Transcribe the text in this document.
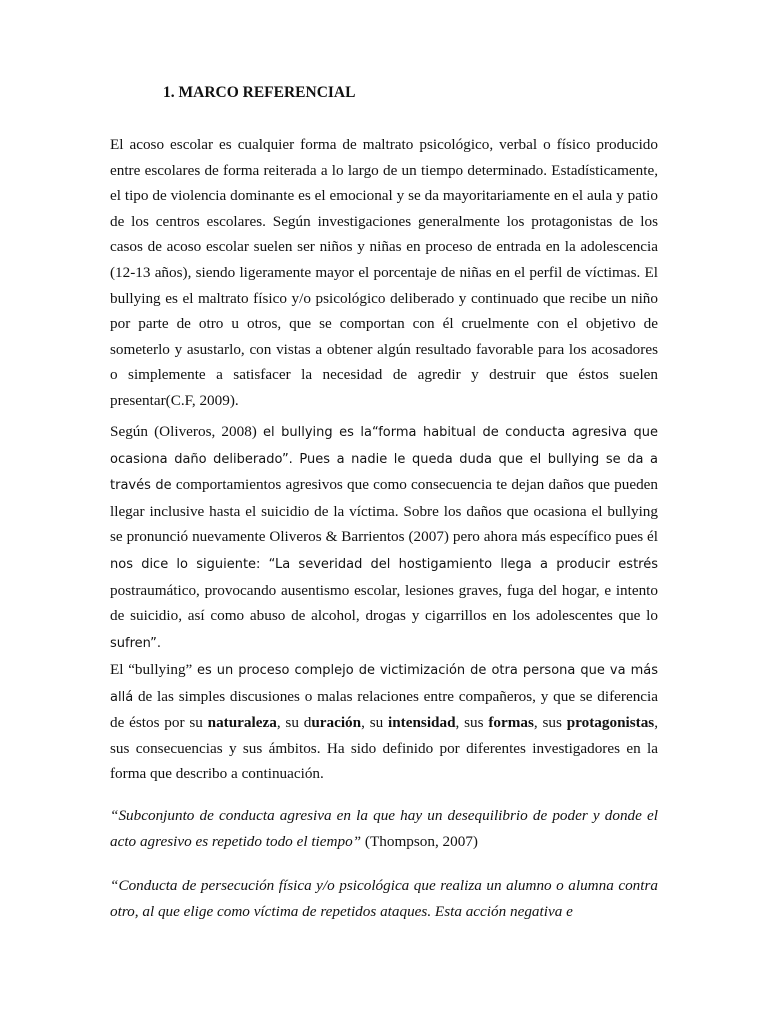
1. MARCO REFERENCIAL

El acoso escolar es cualquier forma de maltrato psicológico, verbal o físico producido entre escolares de forma reiterada a lo largo de un tiempo determinado. Estadísticamente, el tipo de violencia dominante es el emocional y se da mayoritariamente en el aula y patio de los centros escolares. Según investigaciones generalmente los protagonistas de los casos de acoso escolar suelen ser niños y niñas en proceso de entrada en la adolescencia (12-13 años), siendo ligeramente mayor el porcentaje de niñas en el perfil de víctimas. El bullying es el maltrato físico y/o psicológico deliberado y continuado que recibe un niño por parte de otro u otros, que se comportan con él cruelmente con el objetivo de someterlo y asustarlo, con vistas a obtener algún resultado favorable para los acosadores o simplemente a satisfacer la necesidad de agredir y destruir que éstos suelen presentar(C.F, 2009).

Según (Oliveros, 2008) el bullying es la“forma habitual de conducta agresiva que ocasiona daño deliberado”. Pues a nadie le queda duda que el bullying se da a través de comportamientos agresivos que como consecuencia te dejan daños que pueden llegar inclusive hasta el suicidio de la víctima. Sobre los daños que ocasiona el bullying se pronunció nuevamente Oliveros & Barrientos (2007) pero ahora más específico pues él nos dice lo siguiente: “La severidad del hostigamiento llega a producir estrés postraumático, provocando ausentismo escolar, lesiones graves, fuga del hogar, e intento de suicidio, así como abuso de alcohol, drogas y cigarrillos en los adolescentes que lo sufren”.

El “bullying” es un proceso complejo de victimización de otra persona que va más allá de las simples discusiones o malas relaciones entre compañeros, y que se diferencia de éstos por su naturaleza, su duración, su intensidad, sus formas, sus protagonistas, sus consecuencias y sus ámbitos. Ha sido definido por diferentes investigadores en la forma que describo a continuación.

“Subconjunto de conducta agresiva en la que hay un desequilibrio de poder y donde el acto agresivo es repetido todo el tiempo” (Thompson, 2007)

“Conducta de persecución física y/o psicológica que realiza un alumno o alumna contra otro, al que elige como víctima de repetidos ataques. Esta acción negativa e
